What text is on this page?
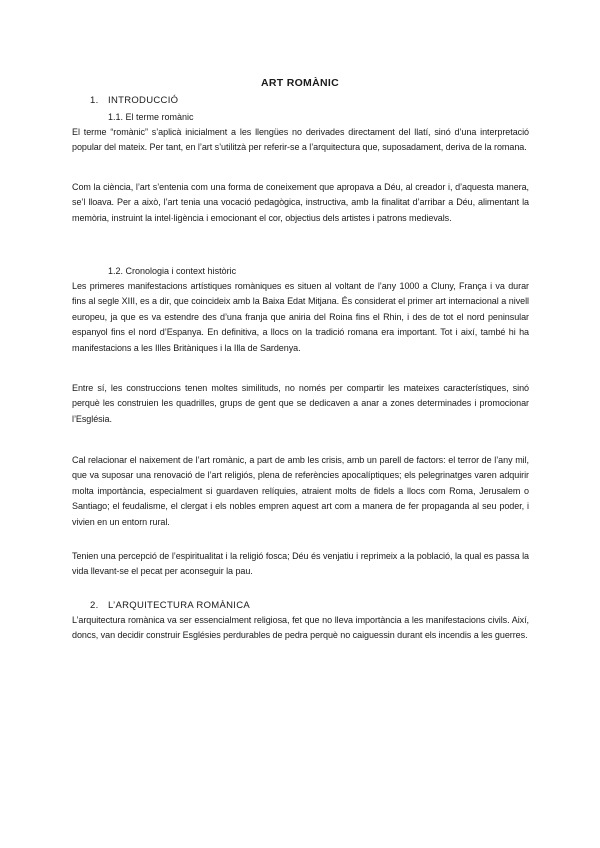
ART ROMÀNIC
1. INTRODUCCIÓ
1.1. El terme romànic

El terme “romànic” s’aplicà inicialment a les llengües no derivades directament del llatí, sinó d’una interpretació popular del mateix. Per tant, en l’art s’utilitzà per referir-se a l’arquitectura que, suposadament, deriva de la romana.

Com la ciència, l’art s’entenia com una forma de coneixement que apropava a Déu, al creador i, d’aquesta manera, se’l lloava. Per a això, l’art tenia una vocació pedagògica, instructiva, amb la finalitat d’arribar a Déu, alimentant la memòria, instruint la intel·ligència i emocionant el cor, objectius dels artistes i patrons medievals.

1.2. Cronologia i context històric

Les primeres manifestacions artístiques romàniques es situen al voltant de l’any 1000 a Cluny, França i va durar fins al segle XIII, es a dir, que coincideix amb la Baixa Edat Mitjana. És considerat el primer art internacional a nivell europeu, ja que es va estendre des d’una franja que aniria del Roina fins el Rhin, i des de tot el nord peninsular espanyol fins el nord d’Espanya. En definitiva, a llocs on la tradició romana era important. Tot i així, també hi ha manifestacions a les Illes Britàniques i la Illa de Sardenya.

Entre sí, les construccions tenen moltes similituds, no només per compartir les mateixes característiques, sinó perquè les construien les quadrilles, grups de gent que se dedicaven a anar a zones determinades i promocionar l’Església.

Cal relacionar el naixement de l’art romànic, a part de amb les crisis, amb un parell de factors: el terror de l’any mil, que va suposar una renovació de l’art religiós, plena de referències apocalíptiques; els pelegrinatges varen adquirir molta importància, especialment si guardaven relíquies, atraient molts de fidels a llocs com Roma, Jerusalem o Santiago; el feudalisme, el clergat i els nobles empren aquest art com a manera de fer propaganda al seu poder, i vivien en un entorn rural.

Tenien una percepció de l’espiritualitat i la religió fosca; Déu és venjatiu i reprimeix a la població, la qual es passa la vida llevant-se el pecat per aconseguir la pau.

2. L’ARQUITECTURA ROMÀNICA

L’arquitectura romànica va ser essencialment religiosa, fet que no lleva importància a les manifestacions civils. Així, doncs, van decidir construir Esglésies perdurables de pedra perquè no caiguessin durant els incendis a les guerres.
